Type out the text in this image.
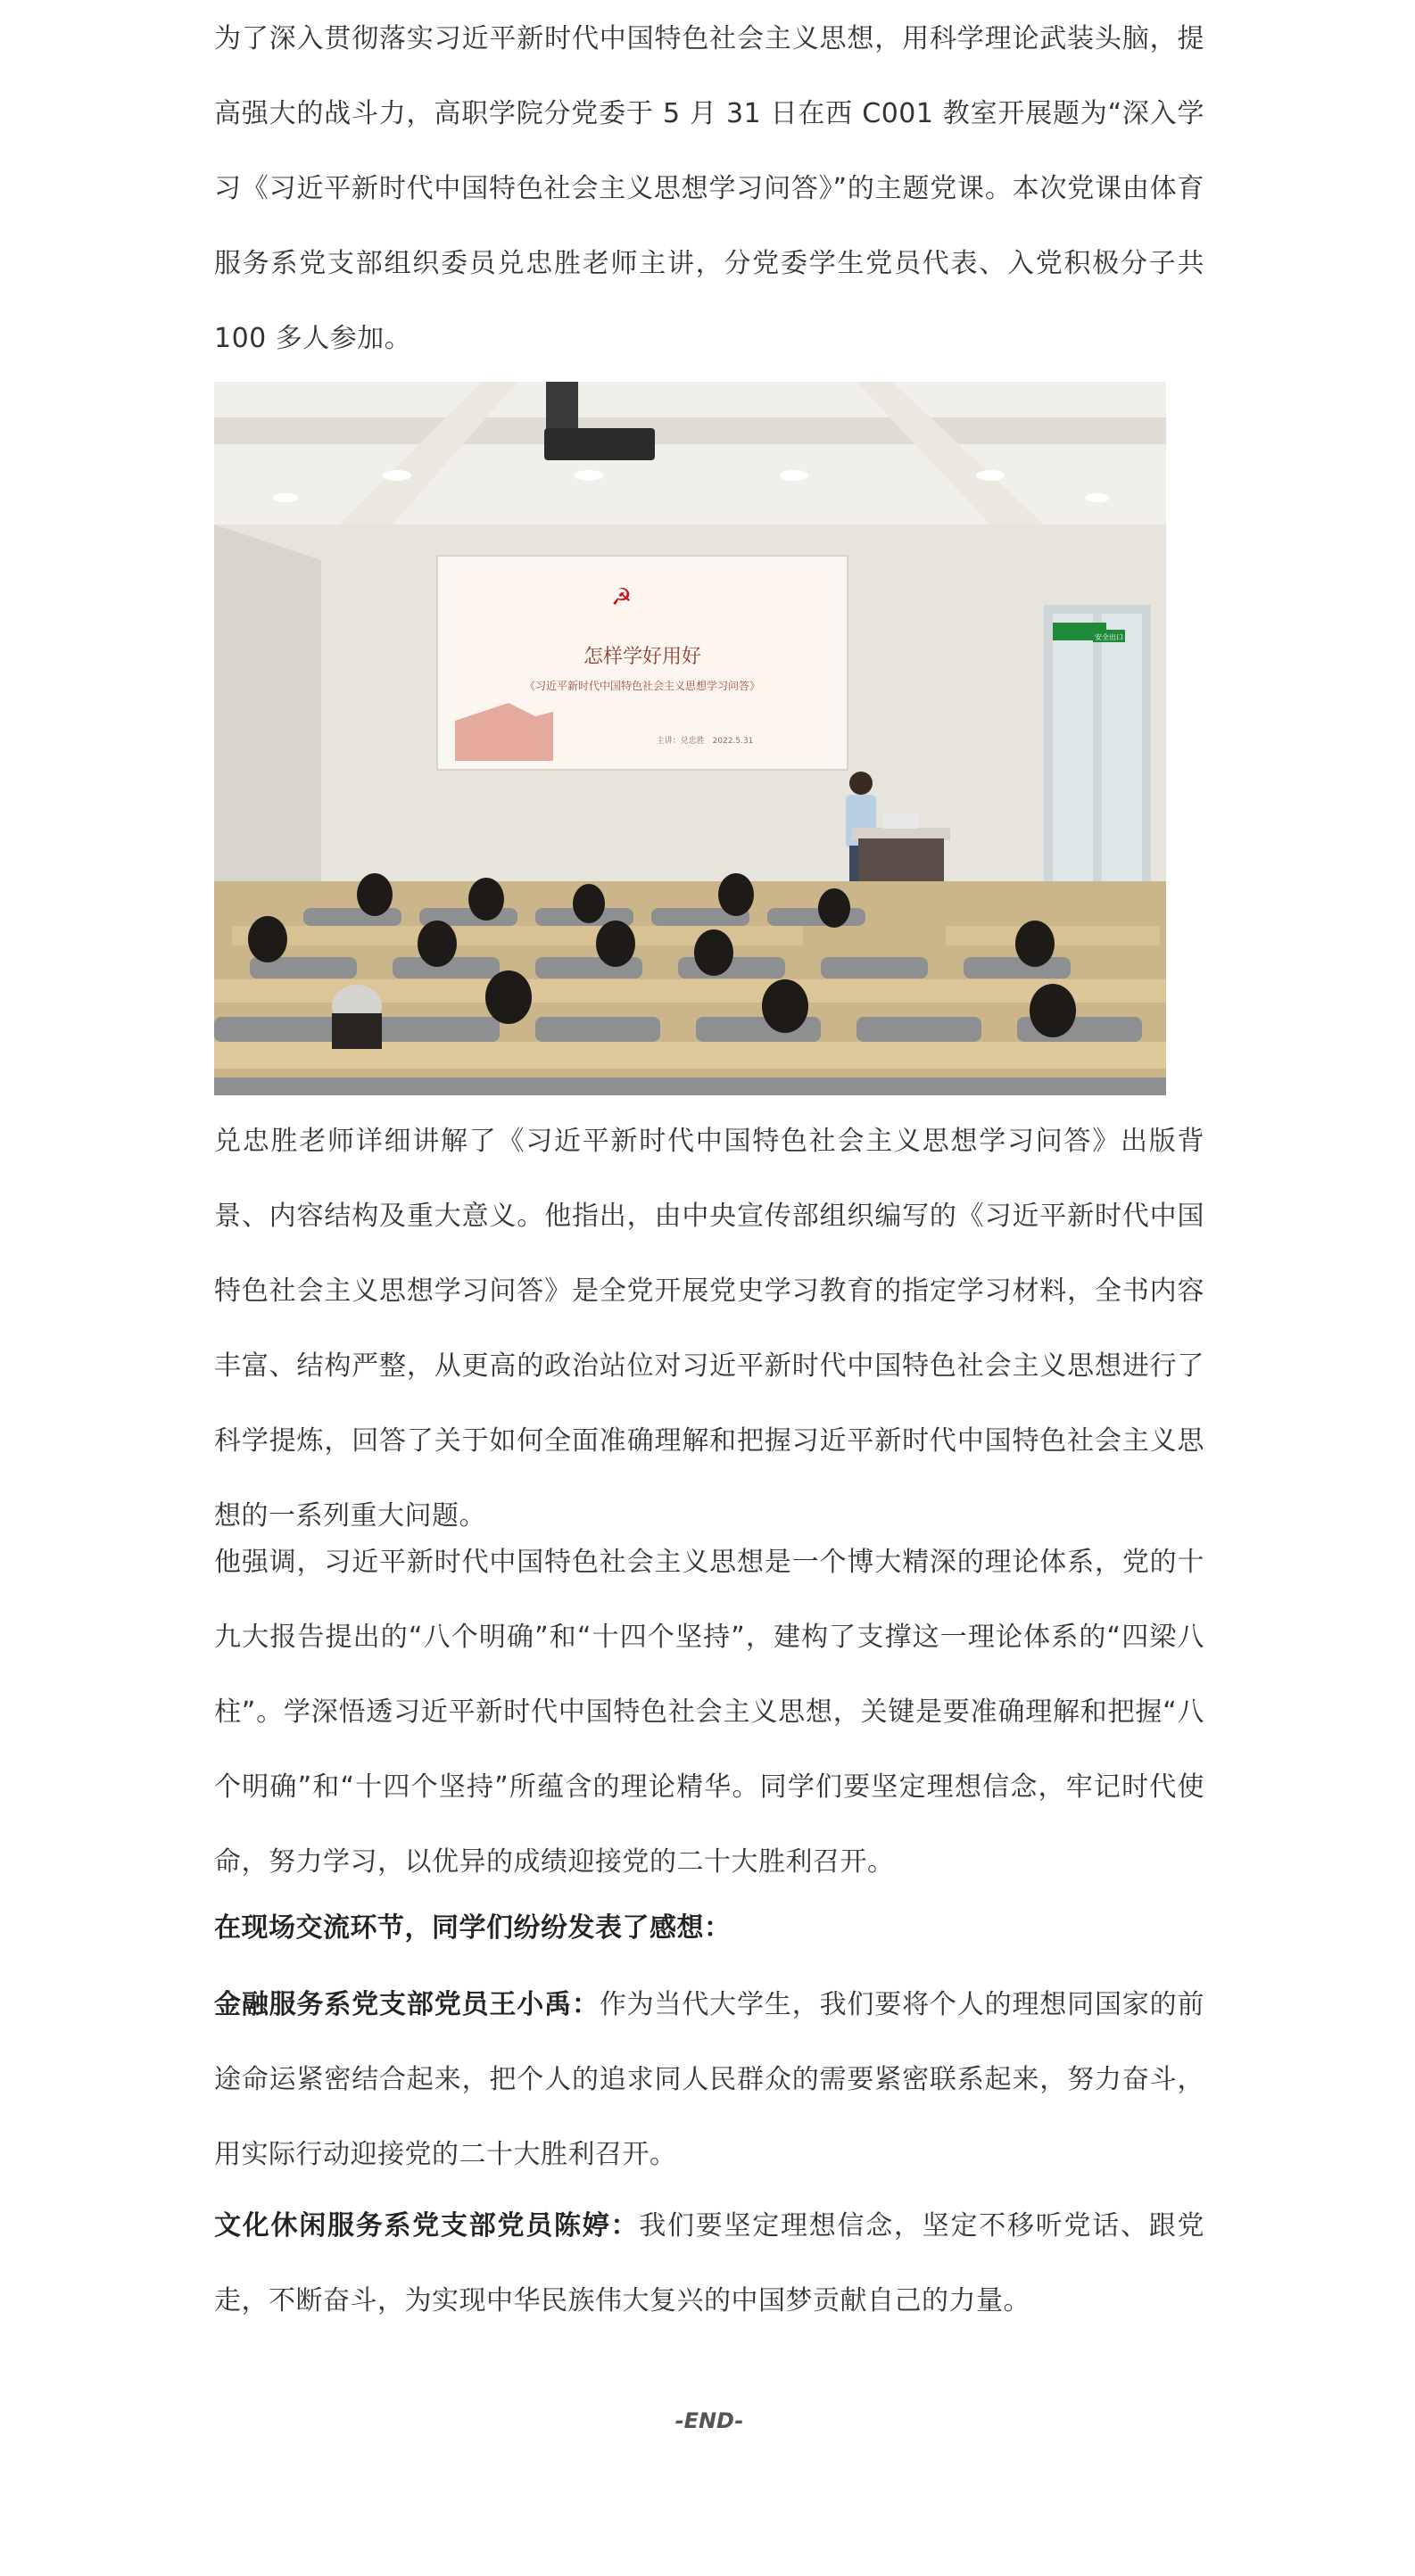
为了深入贯彻落实习近平新时代中国特色社会主义思想，用科学理论武装头脑，提高强大的战斗力，高职学院分党委于 5 月 31 日在西 C001 教室开展题为“深入学习《习近平新时代中国特色社会主义思想学习问答》”的主题党课。本次党课由体育服务系党支部组织委员兑忠胜老师主讲，分党委学生党员代表、入党积极分子共 100 多人参加。

☭
怎样学好用好
《习近平新时代中国特色社会主义思想学习问答》
主讲：兑忠胜　2022.5.31
安全出口

兑忠胜老师详细讲解了《习近平新时代中国特色社会主义思想学习问答》出版背景、内容结构及重大意义。他指出，由中央宣传部组织编写的《习近平新时代中国特色社会主义思想学习问答》是全党开展党史学习教育的指定学习材料，全书内容丰富、结构严整，从更高的政治站位对习近平新时代中国特色社会主义思想进行了科学提炼，回答了关于如何全面准确理解和把握习近平新时代中国特色社会主义思想的一系列重大问题。

他强调，习近平新时代中国特色社会主义思想是一个博大精深的理论体系，党的十九大报告提出的“八个明确”和“十四个坚持”，建构了支撑这一理论体系的“四梁八柱”。学深悟透习近平新时代中国特色社会主义思想，关键是要准确理解和把握“八个明确”和“十四个坚持”所蕴含的理论精华。同学们要坚定理想信念，牢记时代使命，努力学习，以优异的成绩迎接党的二十大胜利召开。

在现场交流环节，同学们纷纷发表了感想：

金融服务系党支部党员王小禹：作为当代大学生，我们要将个人的理想同国家的前途命运紧密结合起来，把个人的追求同人民群众的需要紧密联系起来，努力奋斗，用实际行动迎接党的二十大胜利召开。

文化休闲服务系党支部党员陈婷：我们要坚定理想信念，坚定不移听党话、跟党走，不断奋斗，为实现中华民族伟大复兴的中国梦贡献自己的力量。

-END-
